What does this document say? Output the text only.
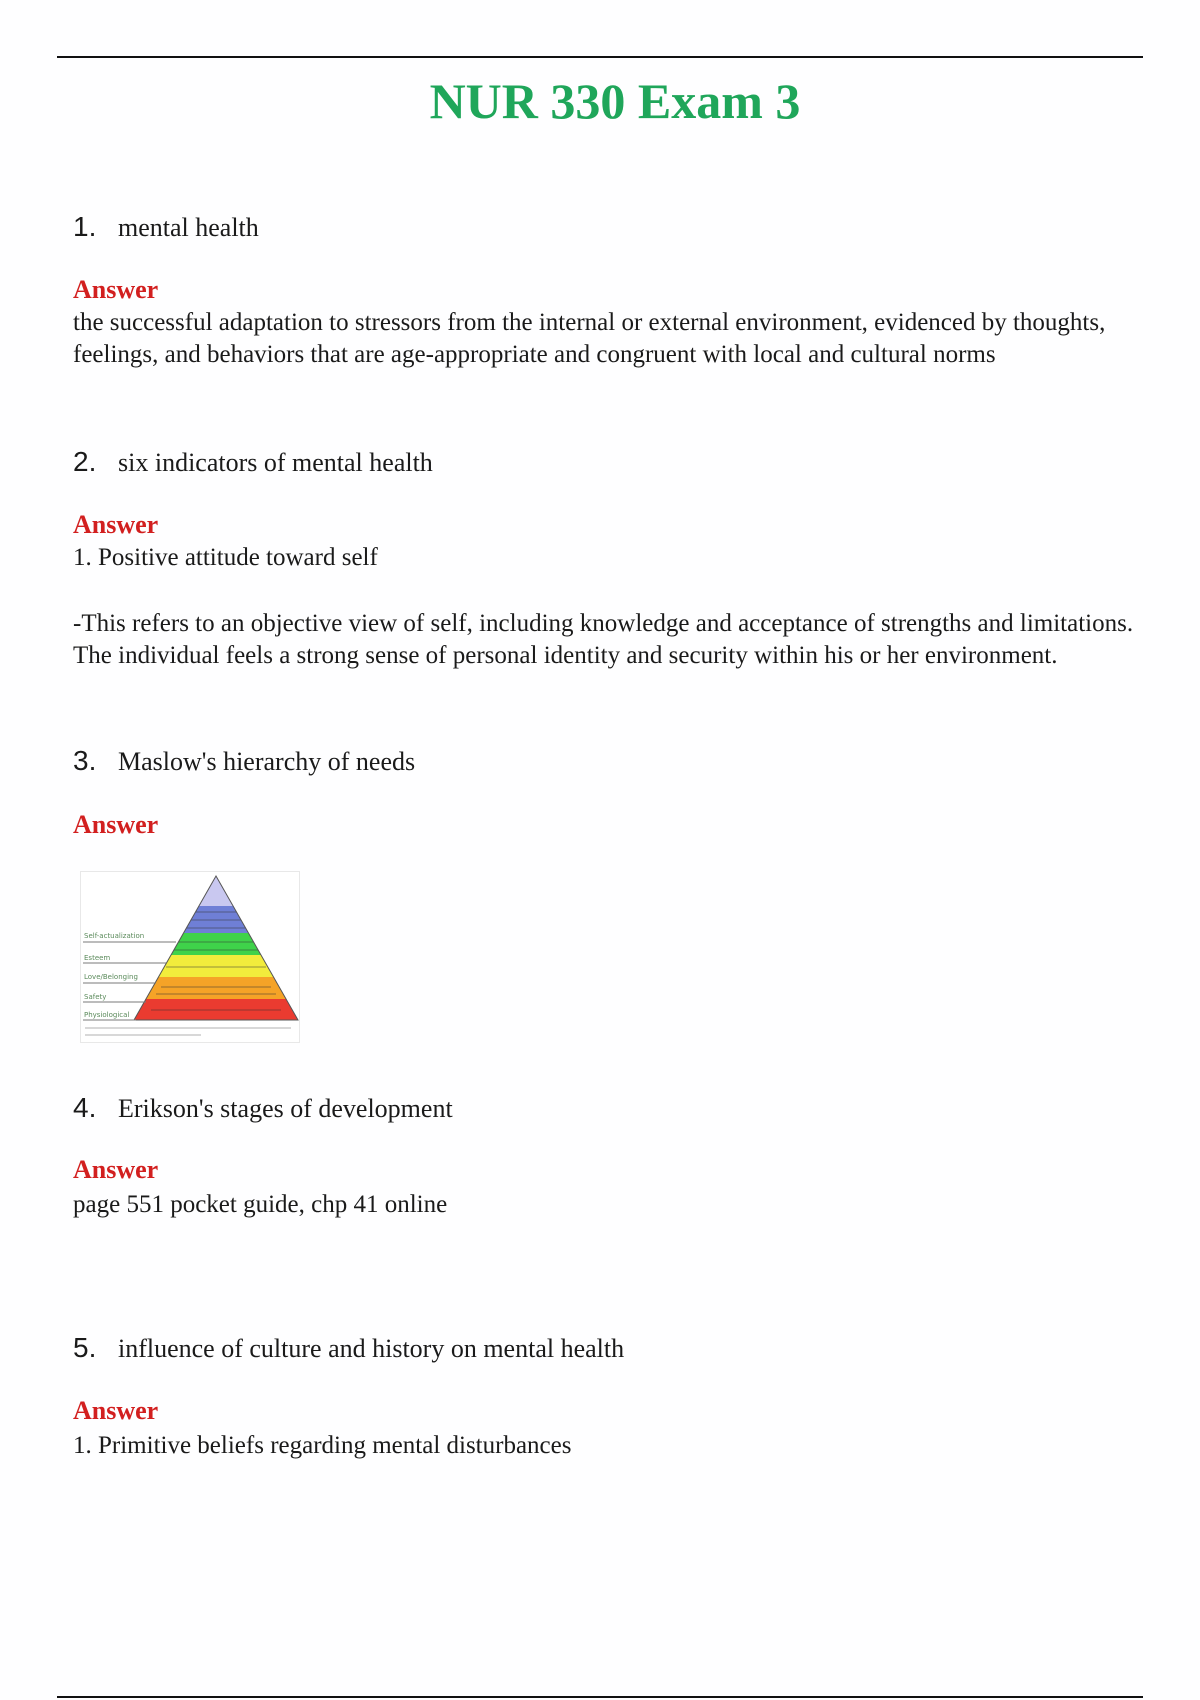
NUR 330 Exam 3
1. mental health
Answer
the successful adaptation to stressors from the internal or external environment, evidenced by thoughts, feelings, and behaviors that are age-appropriate and congruent with local and cultural norms
2. six indicators of mental health
Answer
1. Positive attitude toward self
-This refers to an objective view of self, including knowledge and acceptance of strengths and limitations. The individual feels a strong sense of personal identity and security within his or her environment.
3. Maslow's hierarchy of needs
Answer
Self-actualization
Esteem
Love/Belonging
Safety
Physiological
4. Erikson's stages of development
Answer
page 551 pocket guide, chp 41 online
5. influence of culture and history on mental health
Answer
1. Primitive beliefs regarding mental disturbances
